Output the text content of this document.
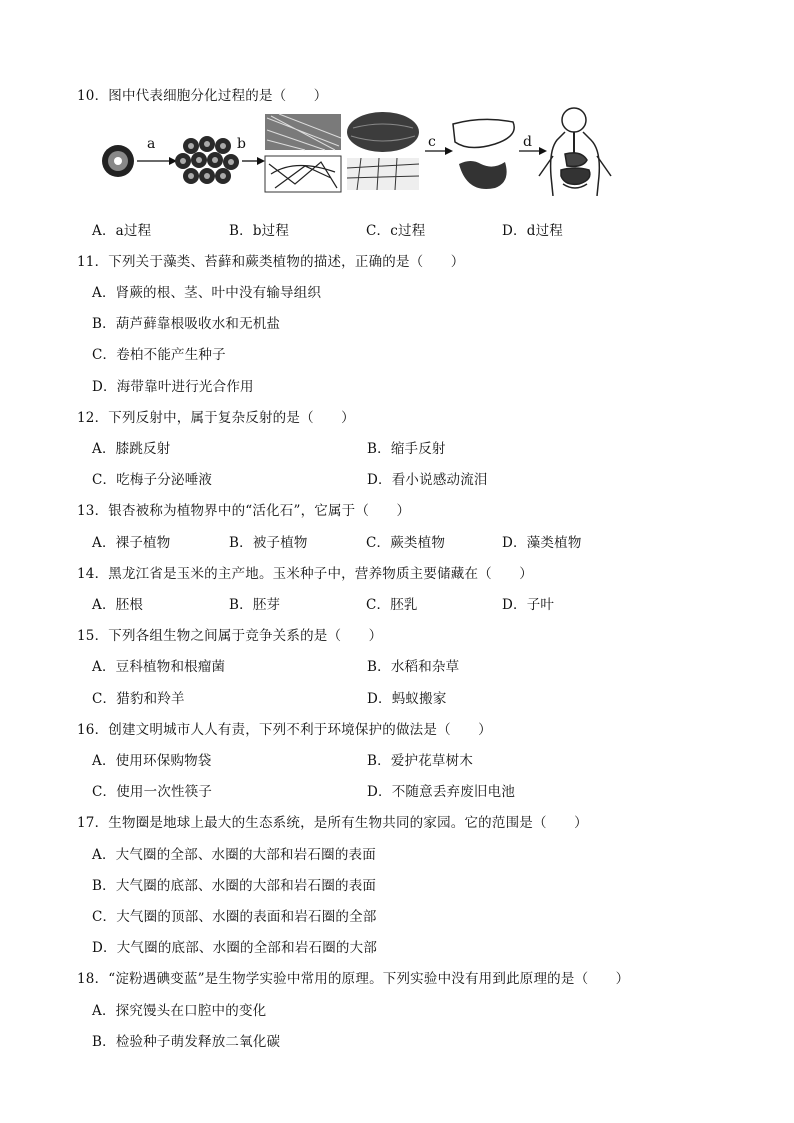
10．图中代表细胞分化过程的是（　　）
a	b	c	d
A．a过程	B．b过程	C．c过程	D．d过程
11．下列关于藻类、苔藓和蕨类植物的描述，正确的是（　　）
A．肾蕨的根、茎、叶中没有输导组织
B．葫芦藓靠根吸收水和无机盐
C．卷柏不能产生种子
D．海带靠叶进行光合作用
12．下列反射中，属于复杂反射的是（　　）
A．膝跳反射	B．缩手反射
C．吃梅子分泌唾液	D．看小说感动流泪
13．银杏被称为植物界中的“活化石”，它属于（　　）
A．裸子植物	B．被子植物	C．蕨类植物	D．藻类植物
14．黑龙江省是玉米的主产地。玉米种子中，营养物质主要储藏在（　　）
A．胚根	B．胚芽	C．胚乳	D．子叶
15．下列各组生物之间属于竞争关系的是（　　）
A．豆科植物和根瘤菌	B．水稻和杂草
C．猎豹和羚羊	D．蚂蚁搬家
16．创建文明城市人人有责，下列不利于环境保护的做法是（　　）
A．使用环保购物袋	B．爱护花草树木
C．使用一次性筷子	D．不随意丢弃废旧电池
17．生物圈是地球上最大的生态系统，是所有生物共同的家园。它的范围是（　　）
A．大气圈的全部、水圈的大部和岩石圈的表面
B．大气圈的底部、水圈的大部和岩石圈的表面
C．大气圈的顶部、水圈的表面和岩石圈的全部
D．大气圈的底部、水圈的全部和岩石圈的大部
18．“淀粉遇碘变蓝”是生物学实验中常用的原理。下列实验中没有用到此原理的是（　　）
A．探究馒头在口腔中的变化
B．检验种子萌发释放二氧化碳
